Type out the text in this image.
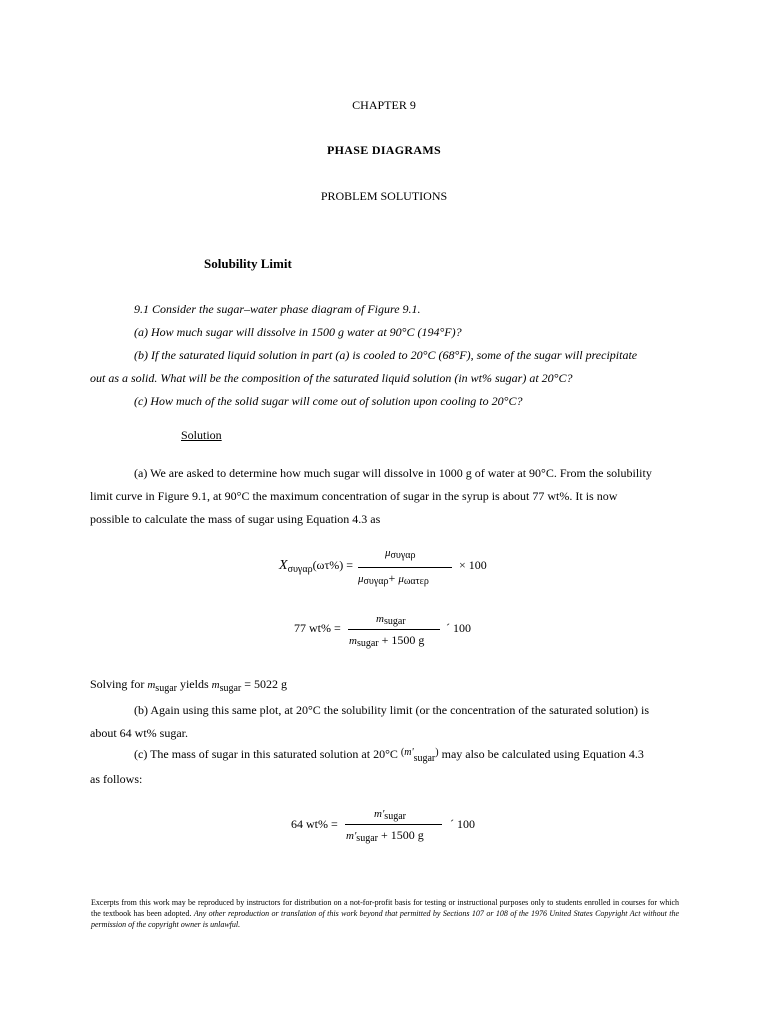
CHAPTER 9
PHASE DIAGRAMS
PROBLEM SOLUTIONS
Solubility Limit
9.1 Consider the sugar–water phase diagram of Figure 9.1.
(a) How much sugar will dissolve in 1500 g water at 90°C (194°F)?
(b) If the saturated liquid solution in part (a) is cooled to 20°C (68°F), some of the sugar will precipitate
out as a solid. What will be the composition of the saturated liquid solution (in wt% sugar) at 20°C?
(c) How much of the solid sugar will come out of solution upon cooling to 20°C?
Solution
(a) We are asked to determine how much sugar will dissolve in 1000 g of water at 90°C. From the solubility
limit curve in Figure 9.1, at 90°C the maximum concentration of sugar in the syrup is about 77 wt%. It is now
possible to calculate the mass of sugar using Equation 4.3 as
$X_{\sigma\upsilon\gamma\alpha\rho}(\omega\tau\%)$ =
μσυγαρ
μσυγαρ+ μωατερ
× 100
77 wt% =
msugar
msugar + 1500 g
´ 100
Solving for $m_{sugar}$ yields $m_{sugar} = 5022$ g
(b) Again using this same plot, at 20°C the solubility limit (or the concentration of the saturated solution) is
about 64 wt% sugar.
(c) The mass of sugar in this saturated solution at 20°C $^{(m'}_{sugar}$) may also be calculated using Equation 4.3
as follows:
64 wt% =
m'sugar
m'sugar + 1500 g
´ 100
Excerpts from this work may be reproduced by instructors for distribution on a not-for-profit basis for testing or instructional purposes only to students enrolled in courses for which the textbook has been adopted. Any other reproduction or translation of this work beyond that permitted by Sections 107 or 108 of the 1976 United States Copyright Act without the permission of the copyright owner is unlawful.
